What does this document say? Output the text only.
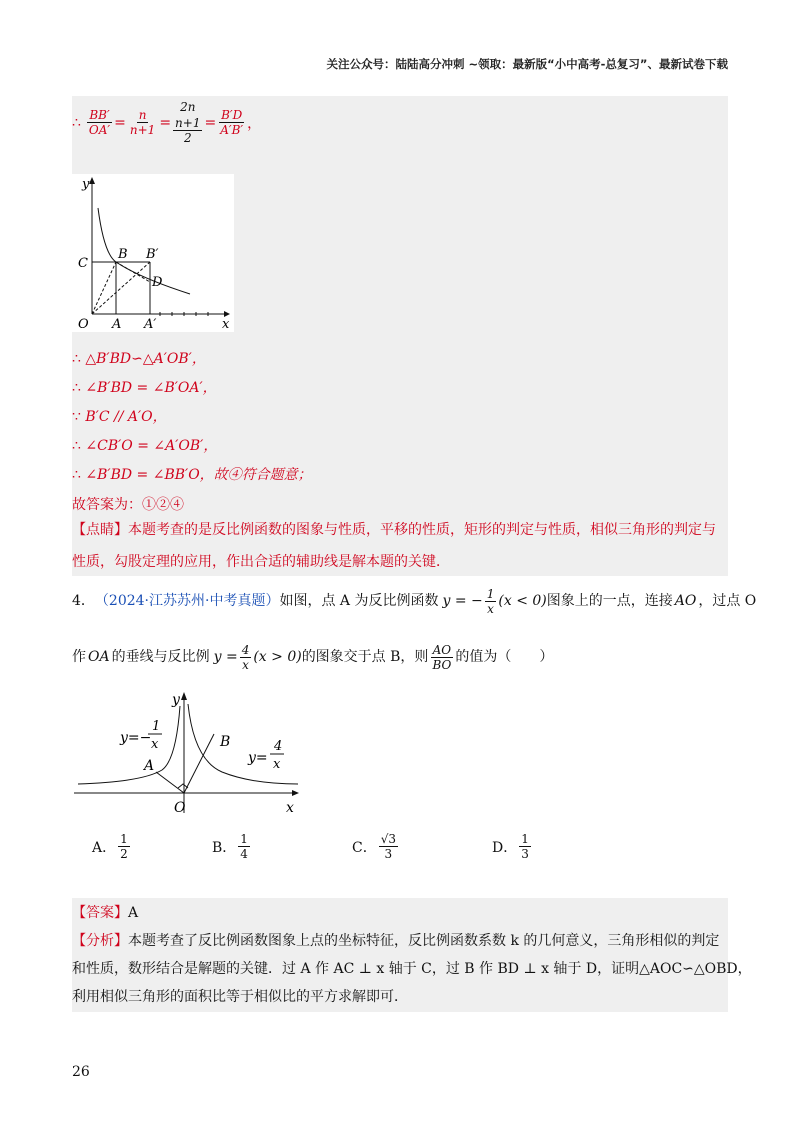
关注公众号：陆陆高分冲刺 ~领取：最新版“小中高考-总复习”、最新试卷下载
∴ $\frac{BB'}{OA'} = \frac{n}{n+1}$ =
2n
n+1
2
= $\frac{B'D}{A'B'}$ ，
y
x
O A A′
B B′
C
D
∴ △B′BD∽△A′OB′，
∴ ∠B′BD = ∠B′OA′，
∵ B′C // A′O，
∴ ∠CB′O = ∠A′OB′，
∴ ∠B′BD = ∠BB′O，故④符合题意；
故答案为：①②④
【点睛】本题考查的是反比例函数的图象与性质，平移的性质，矩形的判定与性质，相似三角形的判定与性质，勾股定理的应用，作出合适的辅助线是解本题的关键．
4． （2024·江苏苏州·中考真题） 如图，点 A 为反比例函数 y = − $\frac{1}{x} (x < 0)$ 图象上的一点，连接 AO ，过点 O
作 OA 的垂线与反比例 $y = \frac{4}{x} (x > 0)$ 的图象交于点 B，则 $\frac{AO}{BO}$ 的值为（　　）
y
x
O
A
B
y=−
1
x
y=
4
x
A． $\frac{1}{2}$	B． $\frac{1}{4}$	C． $\frac{√3}{3}$	D． $\frac{1}{3}$
【答案】A
【分析】本题考查了反比例函数图象上点的坐标特征，反比例函数系数 k 的几何意义，三角形相似的判定
和性质，数形结合是解题的关键．过 A 作 AC ⊥ x 轴于 C，过 B 作 BD ⊥ x 轴于 D，证明△AOC∽△OBD，
利用相似三角形的面积比等于相似比的平方求解即可．
26
